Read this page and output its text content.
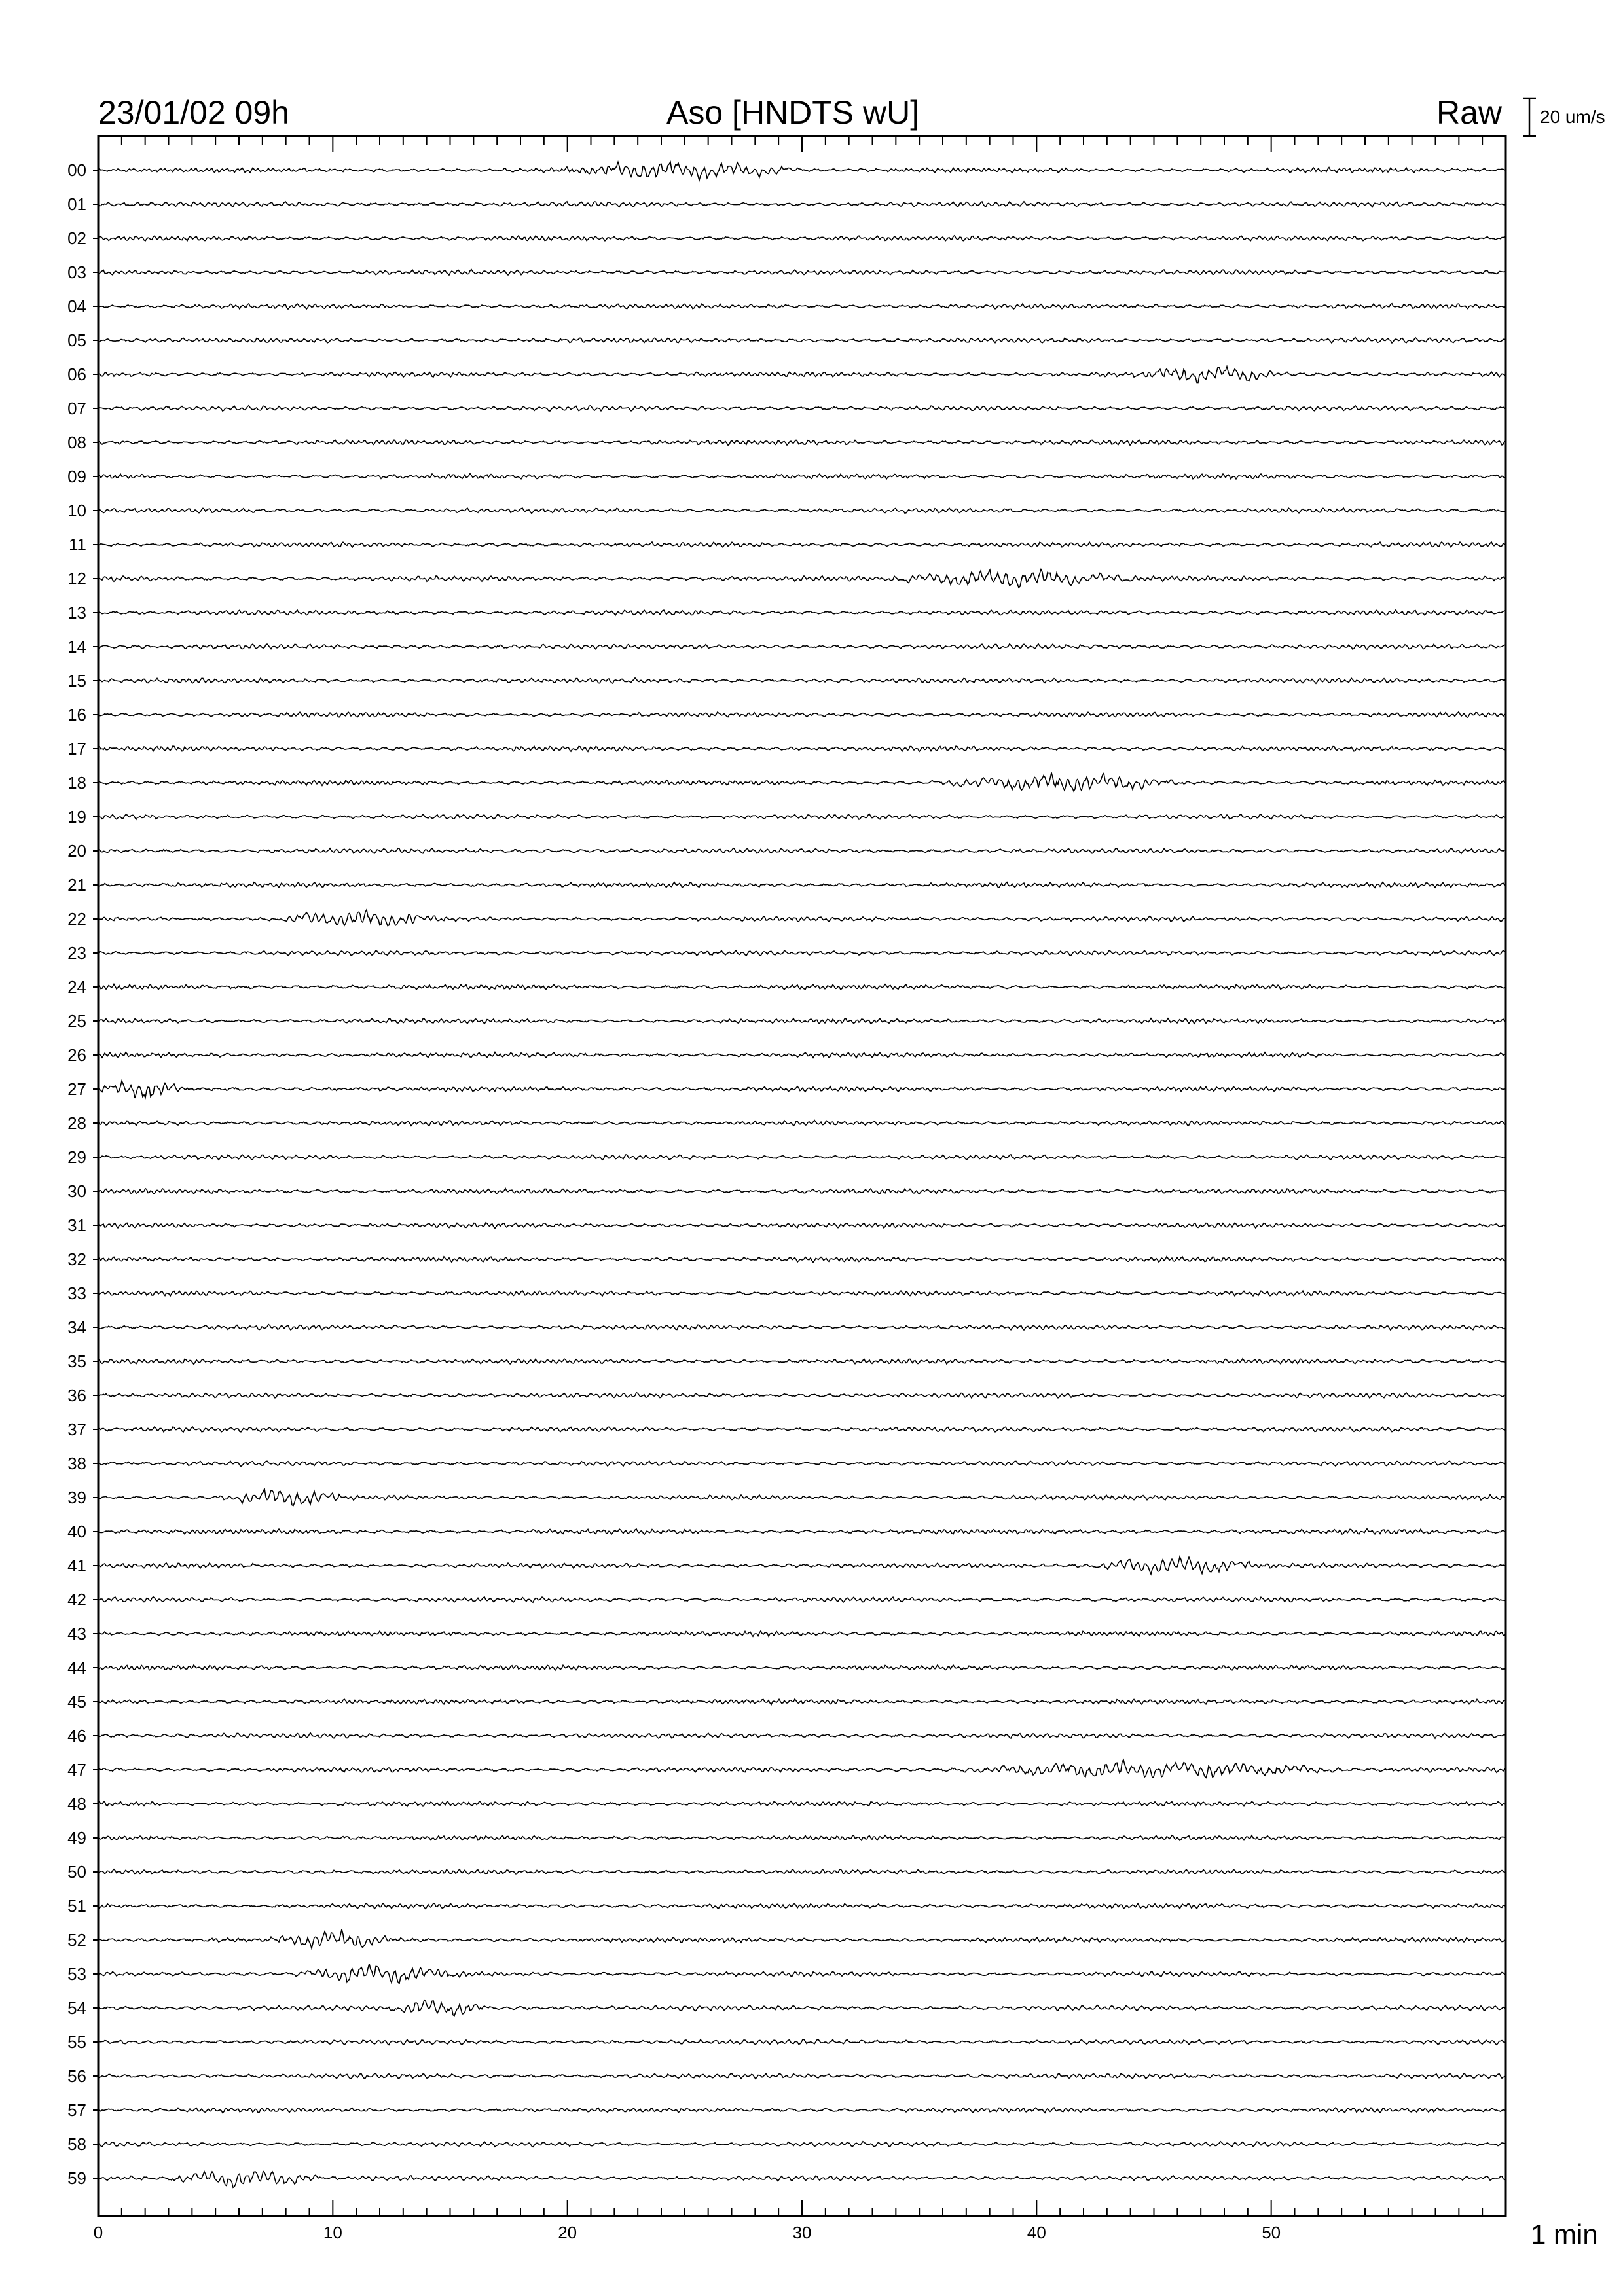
00
01
02
03
04
05
06
07
08
09
10
11
12
13
14
15
16
17
18
19
20
21
22
23
24
25
26
27
28
29
30
31
32
33
34
35
36
37
38
39
40
41
42
43
44
45
46
47
48
49
50
51
52
53
54
55
56
57
58
59
0	10	20	30	40	50
20 um/s
1 min
23/01/02 09h	Aso [HNDTS wU]	Raw
